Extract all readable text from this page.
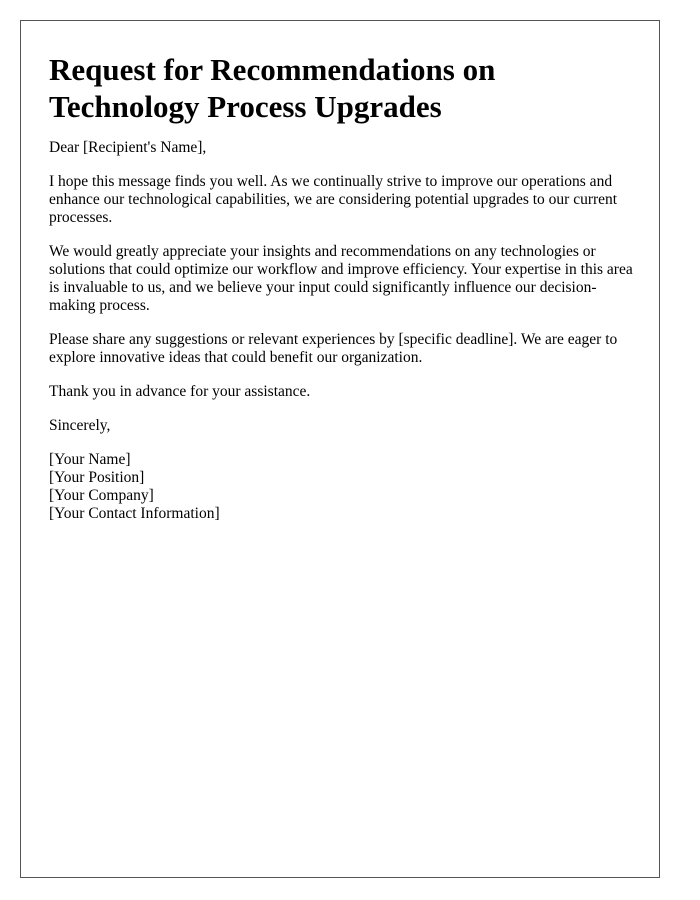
Request for Recommendations on Technology Process Upgrades

Dear [Recipient's Name],

I hope this message finds you well. As we continually strive to improve our operations and enhance our technological capabilities, we are considering potential upgrades to our current processes.

We would greatly appreciate your insights and recommendations on any technologies or solutions that could optimize our workflow and improve efficiency. Your expertise in this area is invaluable to us, and we believe your input could significantly influence our decision-making process.

Please share any suggestions or relevant experiences by [specific deadline]. We are eager to explore innovative ideas that could benefit our organization.

Thank you in advance for your assistance.

Sincerely,

[Your Name]
[Your Position]
[Your Company]
[Your Contact Information]
